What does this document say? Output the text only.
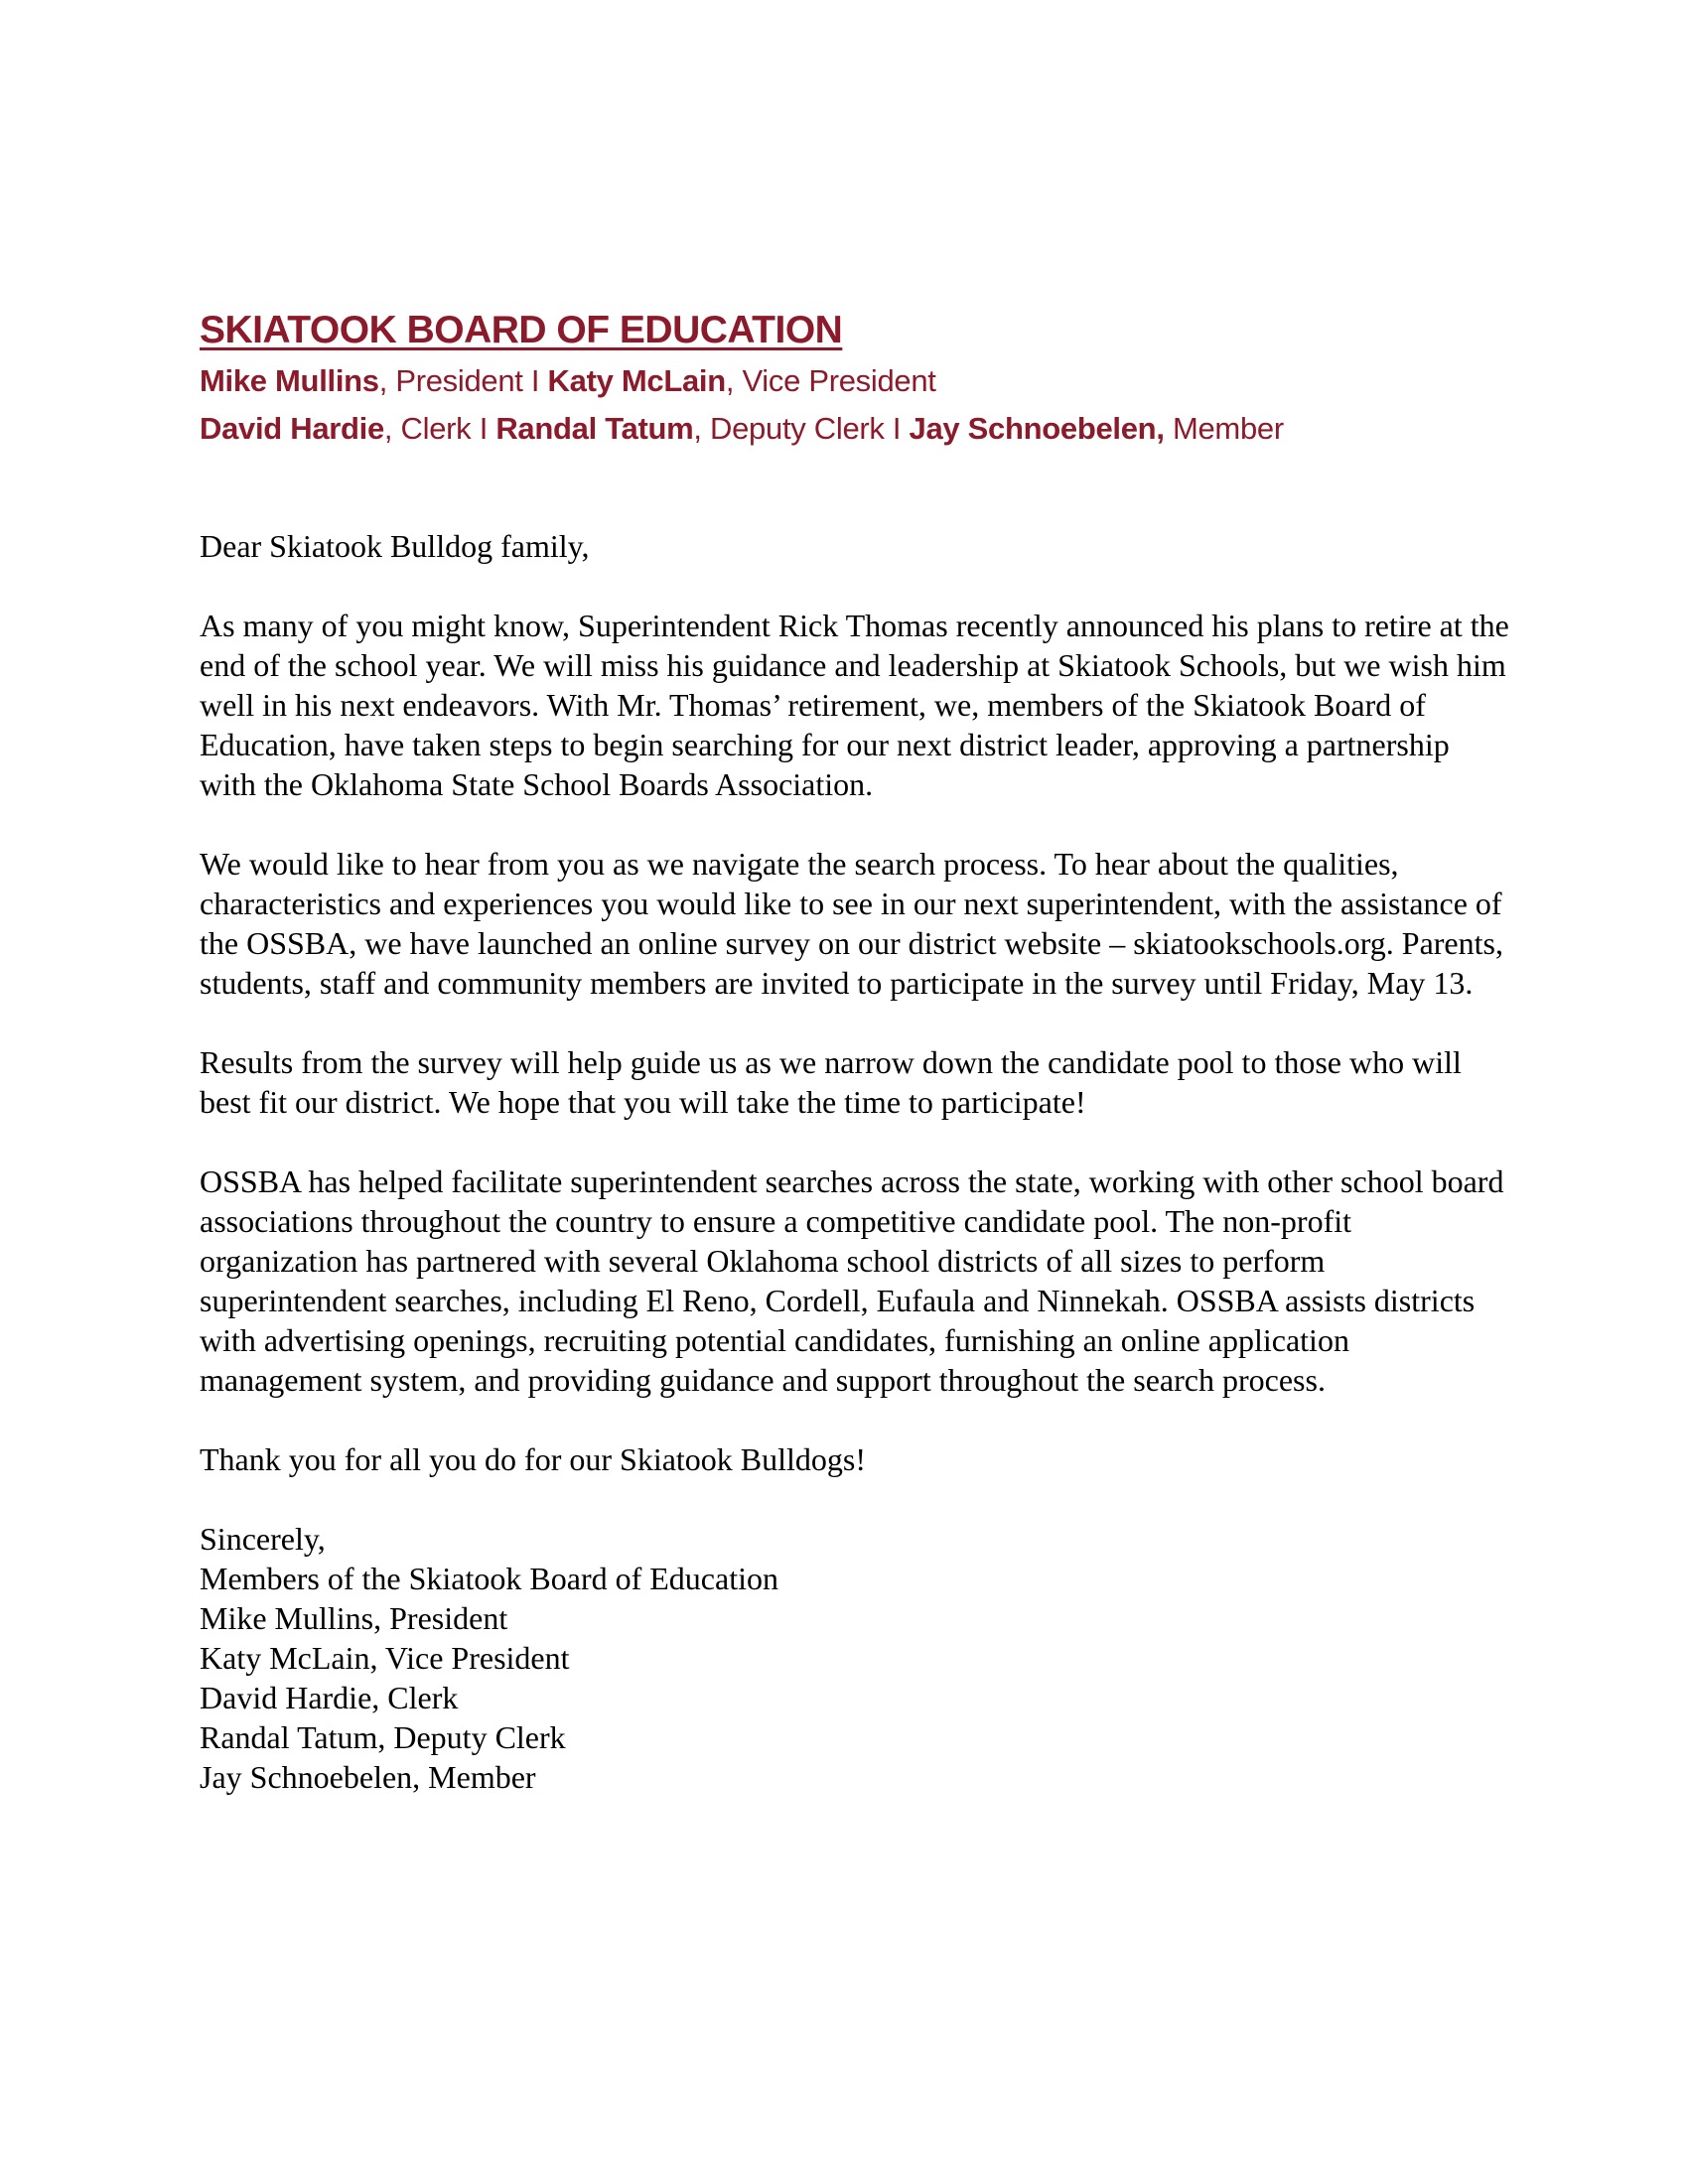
SKIATOOK BOARD OF EDUCATION
Mike Mullins, President I Katy McLain, Vice President
David Hardie, Clerk I Randal Tatum, Deputy Clerk I Jay Schnoebelen, Member

Dear Skiatook Bulldog family,

As many of you might know, Superintendent Rick Thomas recently announced his plans to retire at the end of the school year. We will miss his guidance and leadership at Skiatook Schools, but we wish him well in his next endeavors. With Mr. Thomas’ retirement, we, members of the Skiatook Board of Education, have taken steps to begin searching for our next district leader, approving a partnership with the Oklahoma State School Boards Association.

We would like to hear from you as we navigate the search process. To hear about the qualities, characteristics and experiences you would like to see in our next superintendent, with the assistance of the OSSBA, we have launched an online survey on our district website – skiatookschools.org. Parents, students, staff and community members are invited to participate in the survey until Friday, May 13.

Results from the survey will help guide us as we narrow down the candidate pool to those who will best fit our district. We hope that you will take the time to participate!

OSSBA has helped facilitate superintendent searches across the state, working with other school board associations throughout the country to ensure a competitive candidate pool. The non-profit organization has partnered with several Oklahoma school districts of all sizes to perform superintendent searches, including El Reno, Cordell, Eufaula and Ninnekah. OSSBA assists districts with advertising openings, recruiting potential candidates, furnishing an online application management system, and providing guidance and support throughout the search process.

Thank you for all you do for our Skiatook Bulldogs!

Sincerely,
Members of the Skiatook Board of Education
Mike Mullins, President
Katy McLain, Vice President
David Hardie, Clerk
Randal Tatum, Deputy Clerk
Jay Schnoebelen, Member
